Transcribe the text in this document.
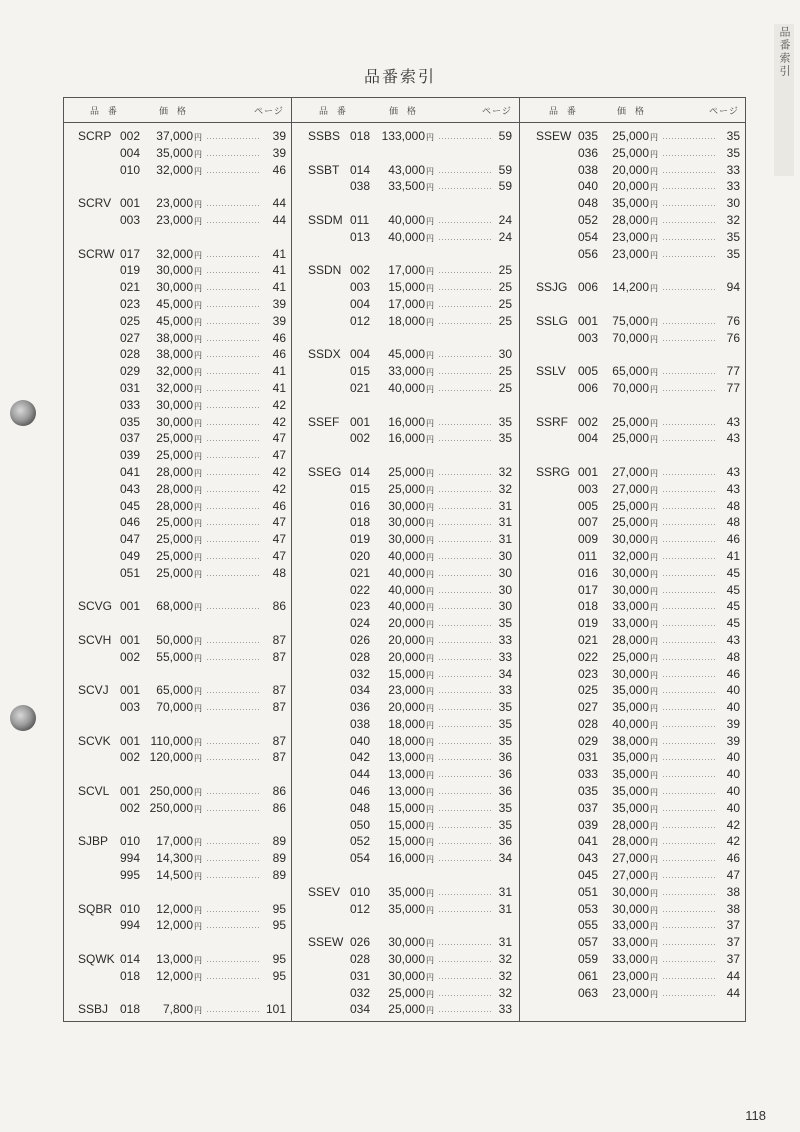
品番索引
品番索引
品 番	価 格	ページ	品 番	価 格	ページ	品 番	価 格	ページ
SCRP 002	37,000円	39
004	35,000円	39
010	32,000円	46
SCRV 001	23,000円	44
003	23,000円	44
SCRW 017	32,000円	41
019	30,000円	41
021	30,000円	41
023	45,000円	39
025	45,000円	39
027	38,000円	46
028	38,000円	46
029	32,000円	41
031	32,000円	41
033	30,000円	42
035	30,000円	42
037	25,000円	47
039	25,000円	47
041	28,000円	42
043	28,000円	42
045	28,000円	46
046	25,000円	47
047	25,000円	47
049	25,000円	47
051	25,000円	48
SCVG 001	68,000円	86
SCVH 001	50,000円	87
002	55,000円	87
SCVJ 001	65,000円	87
003	70,000円	87
SCVK 001 110,000円	87
002 120,000円	87
SCVL 001 250,000円	86
002 250,000円	86
SJBP 010	17,000円	89
994	14,300円	89
995	14,500円	89
SQBR 010	12,000円	95
994	12,000円	95
SQWK 014	13,000円	95
018	12,000円	95
SSBJ 018	7,800円	101
SSBS 018 133,000円	59
SSBT 014	43,000円	59
038	33,500円	59
SSDM 011	40,000円	24
013	40,000円	24
SSDN 002	17,000円	25
003	15,000円	25
004	17,000円	25
012	18,000円	25
SSDX 004	45,000円	30
015	33,000円	25
021	40,000円	25
SSEF 001	16,000円	35
002	16,000円	35
SSEG 014	25,000円	32
015	25,000円	32
016	30,000円	31
018	30,000円	31
019	30,000円	31
020	40,000円	30
021	40,000円	30
022	40,000円	30
023	40,000円	30
024	20,000円	35
026	20,000円	33
028	20,000円	33
032	15,000円	34
034	23,000円	33
036	20,000円	35
038	18,000円	35
040	18,000円	35
042	13,000円	36
044	13,000円	36
046	13,000円	36
048	15,000円	35
050	15,000円	35
052	15,000円	36
054	16,000円	34
SSEV 010	35,000円	31
012	35,000円	31
SSEW 026	30,000円	31
028	30,000円	32
031	30,000円	32
032	25,000円	32
034	25,000円	33
SSEW 035	25,000円	35
036	25,000円	35
038	20,000円	33
040	20,000円	33
048	35,000円	30
052	28,000円	32
054	23,000円	35
056	23,000円	35
SSJG 006	14,200円	94
SSLG 001	75,000円	76
003	70,000円	76
SSLV 005	65,000円	77
006	70,000円	77
SSRF 002	25,000円	43
004	25,000円	43
SSRG 001	27,000円	43
003	27,000円	43
005	25,000円	48
007	25,000円	48
009	30,000円	46
011	32,000円	41
016	30,000円	45
017	30,000円	45
018	33,000円	45
019	33,000円	45
021	28,000円	43
022	25,000円	48
023	30,000円	46
025	35,000円	40
027	35,000円	40
028	40,000円	39
029	38,000円	39
031	35,000円	40
033	35,000円	40
035	35,000円	40
037	35,000円	40
039	28,000円	42
041	28,000円	42
043	27,000円	46
045	27,000円	47
051	30,000円	38
053	30,000円	38
055	33,000円	37
057	33,000円	37
059	33,000円	37
061	23,000円	44
063	23,000円	44
118
